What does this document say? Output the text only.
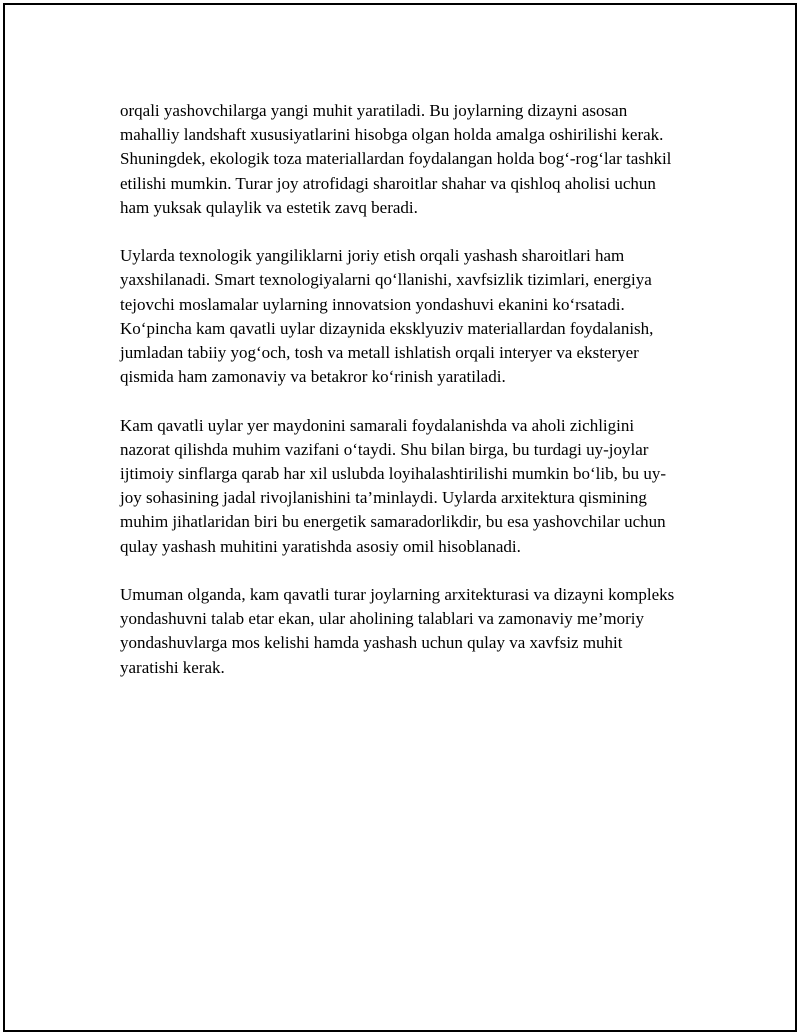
orqali yashovchilarga yangi muhit yaratiladi. Bu joylarning dizayni asosan mahalliy landshaft xususiyatlarini hisobga olgan holda amalga oshirilishi kerak. Shuningdek, ekologik toza materiallardan foydalangan holda bog‘-rog‘lar tashkil etilishi mumkin. Turar joy atrofidagi sharoitlar shahar va qishloq aholisi uchun ham yuksak qulaylik va estetik zavq beradi.

Uylarda texnologik yangiliklarni joriy etish orqali yashash sharoitlari ham yaxshilanadi. Smart texnologiyalarni qo‘llanishi, xavfsizlik tizimlari, energiya tejovchi moslamalar uylarning innovatsion yondashuvi ekanini ko‘rsatadi. Ko‘pincha kam qavatli uylar dizaynida eksklyuziv materiallardan foydalanish, jumladan tabiiy yog‘och, tosh va metall ishlatish orqali interyer va eksteryer qismida ham zamonaviy va betakror ko‘rinish yaratiladi.

Kam qavatli uylar yer maydonini samarali foydalanishda va aholi zichligini nazorat qilishda muhim vazifani o‘taydi. Shu bilan birga, bu turdagi uy-joylar ijtimoiy sinflarga qarab har xil uslubda loyihalashtirilishi mumkin bo‘lib, bu uy-joy sohasining jadal rivojlanishini ta’minlaydi. Uylarda arxitektura qismining muhim jihatlaridan biri bu energetik samaradorlikdir, bu esa yashovchilar uchun qulay yashash muhitini yaratishda asosiy omil hisoblanadi.

Umuman olganda, kam qavatli turar joylarning arxitekturasi va dizayni kompleks yondashuvni talab etar ekan, ular aholining talablari va zamonaviy me’moriy yondashuvlarga mos kelishi hamda yashash uchun qulay va xavfsiz muhit yaratishi kerak.
